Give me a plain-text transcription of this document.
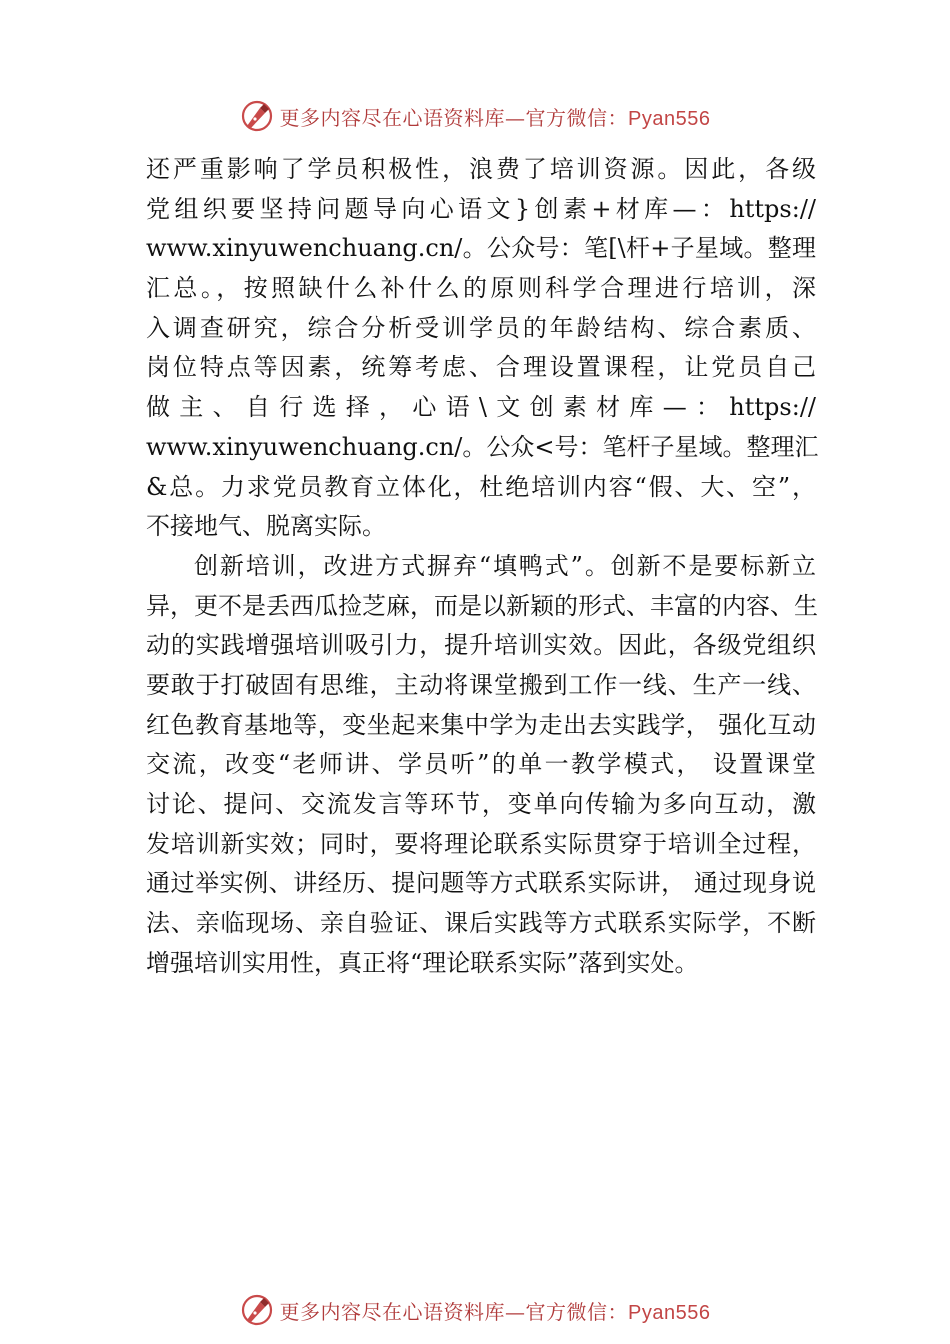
更多内容尽在心语资料库—官方微信：Pyan556
还严重影响了学员积极性，浪费了培训资源。因此，各级
党组织要坚持问题导向心语文}创素+材库—：https://
www.xinyuwenchuang.cn/。公众号：笔[\杆+子星域。整理
汇总。，按照缺什么补什么的原则科学合理进行培训，深
入调查研究，综合分析受训学员的年龄结构、综合素质、
岗位特点等因素，统筹考虑、合理设置课程，让党员自己
做主、自行选择，心语\文创素材库—：https://
www.xinyuwenchuang.cn/。公众<号：笔杆子星域。整理汇
&总。力求党员教育立体化，杜绝培训内容“假、大、空”，
不接地气、脱离实际。
创新培训，改进方式摒弃“填鸭式”。创新不是要标新立
异，更不是丢西瓜捡芝麻，而是以新颖的形式、丰富的内容、生
动的实践增强培训吸引力，提升培训实效。因此，各级党组织
要敢于打破固有思维，主动将课堂搬到工作一线、生产一线、
红色教育基地等，变坐起来集中学为走出去实践学， 强化互动
交流，改变“老师讲、学员听”的单一教学模式， 设置课堂
讨论、提问、交流发言等环节，变单向传输为多向互动，激
发培训新实效；同时，要将理论联系实际贯穿于培训全过程，
通过举实例、讲经历、提问题等方式联系实际讲， 通过现身说
法、亲临现场、亲自验证、课后实践等方式联系实际学，不断
增强培训实用性，真正将“理论联系实际”落到实处。
更多内容尽在心语资料库—官方微信：Pyan556
